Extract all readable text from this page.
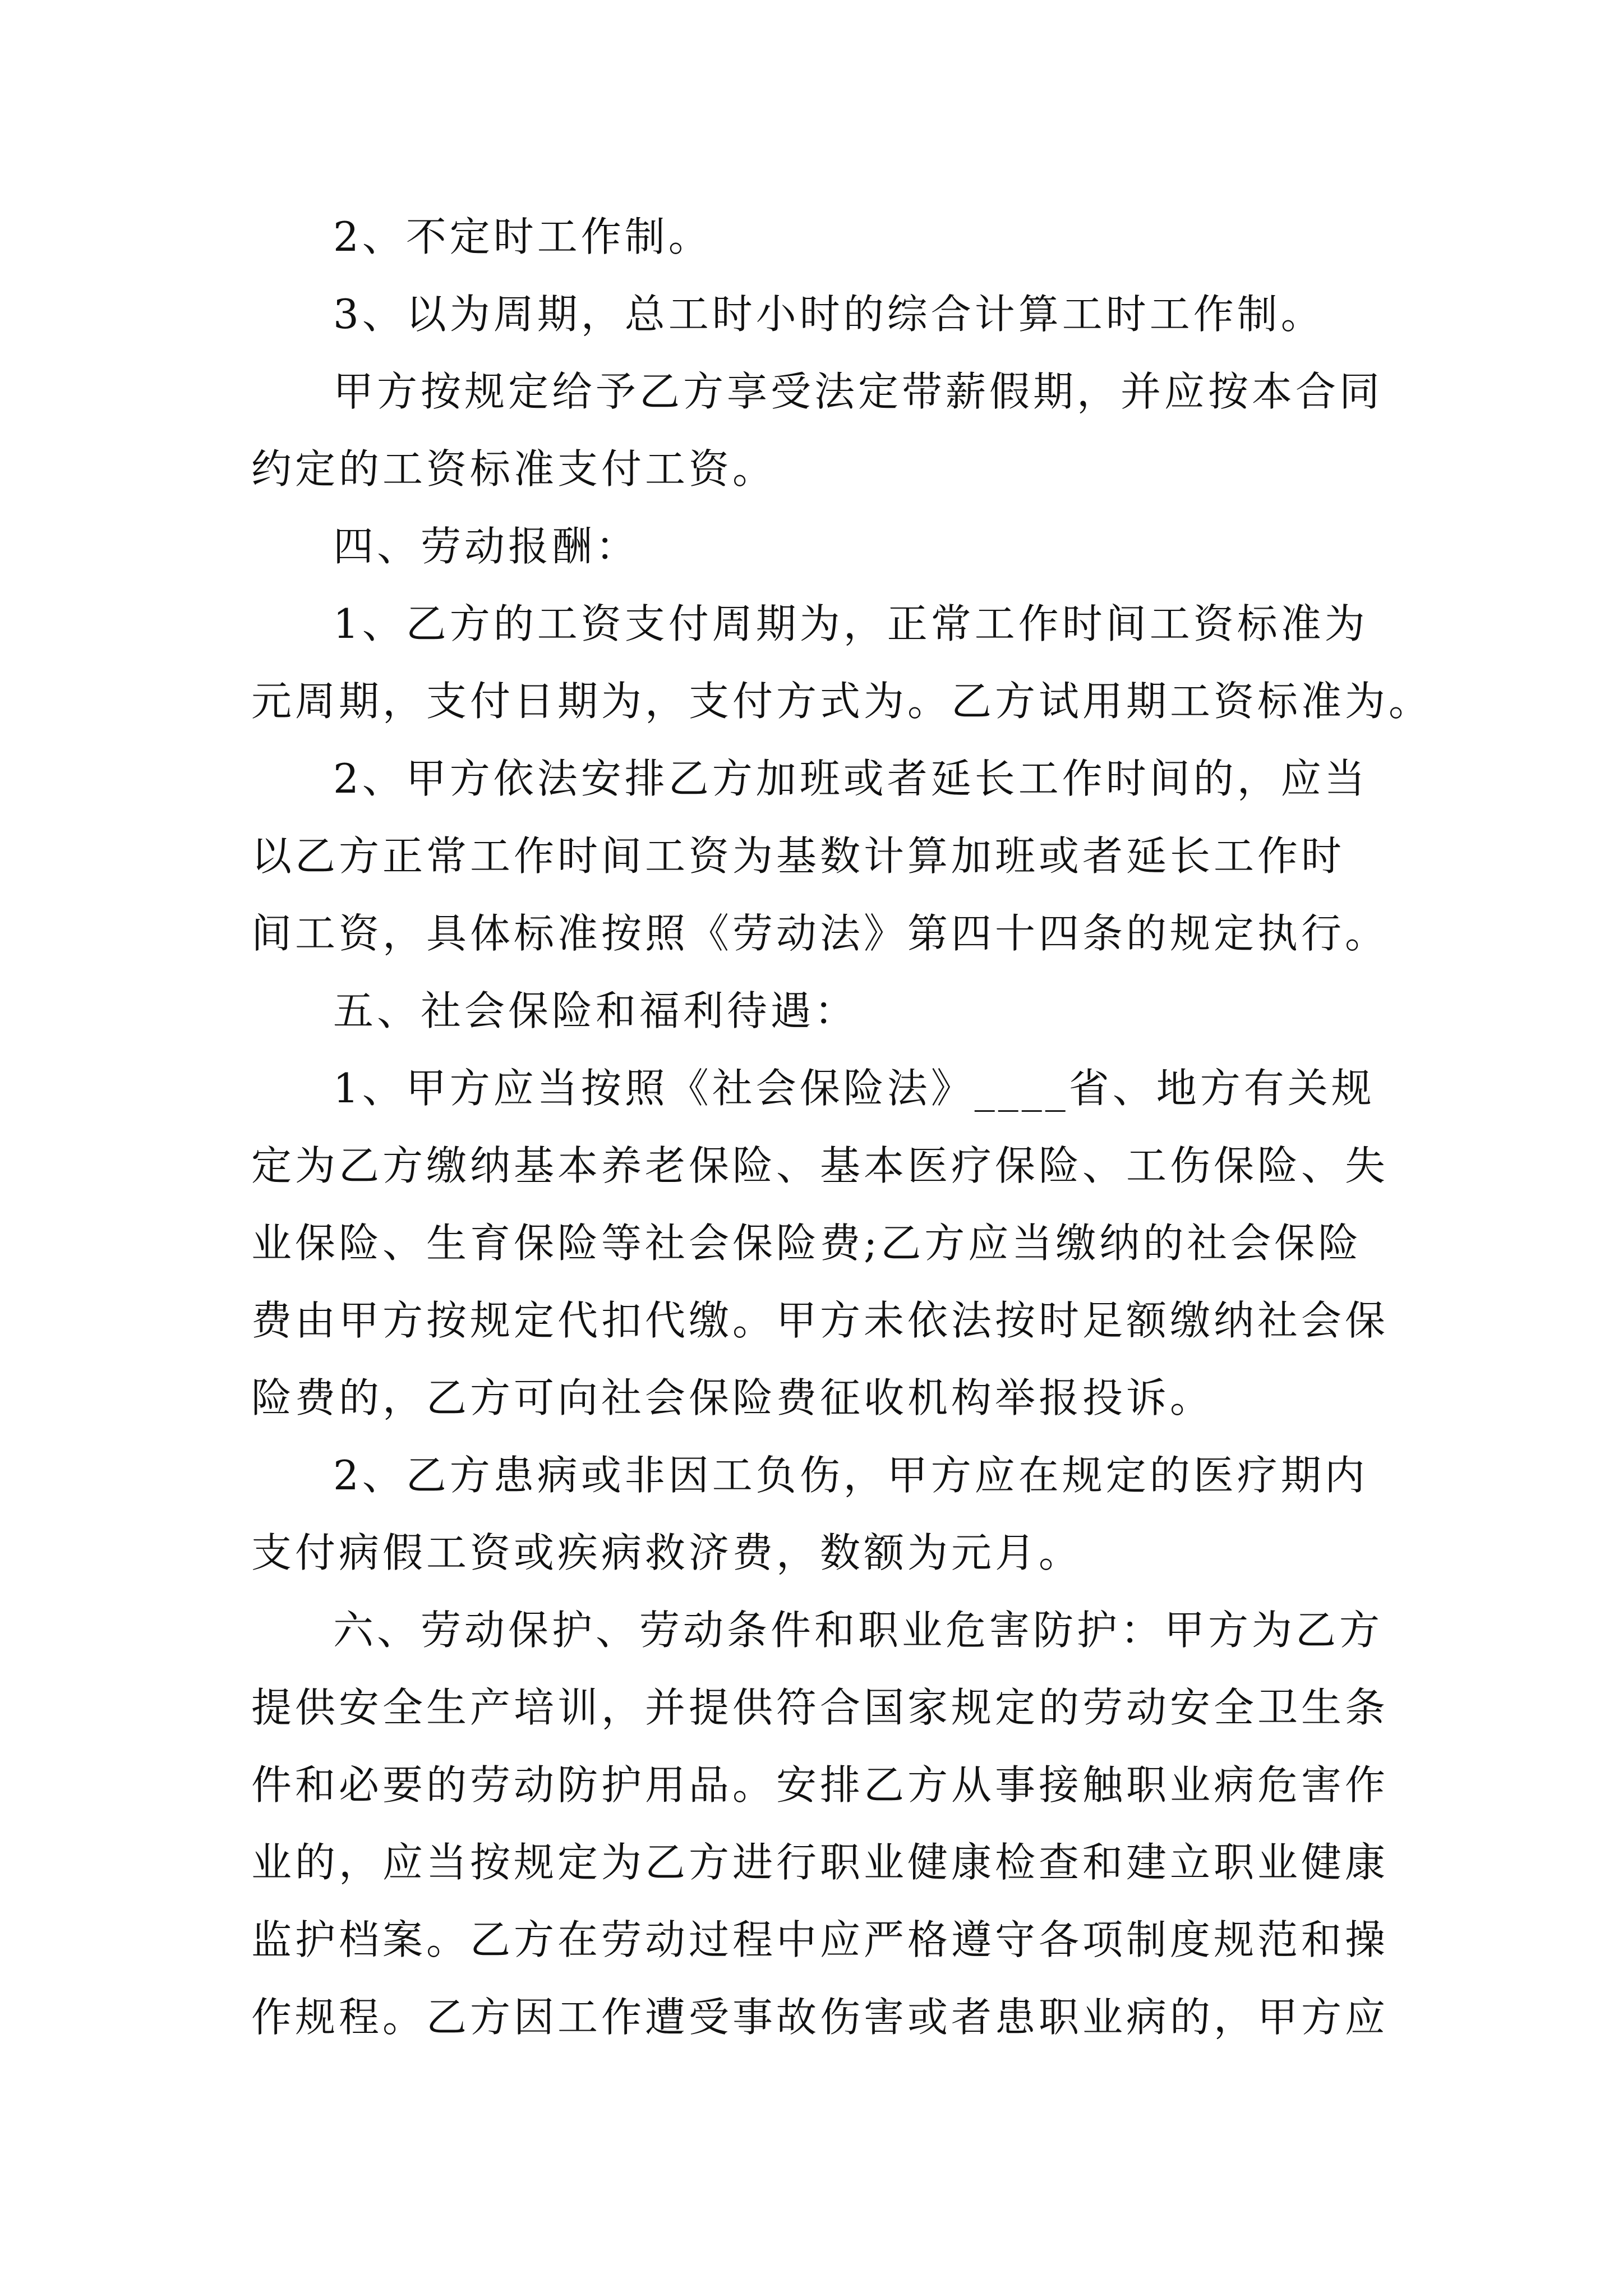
2、不定时工作制。
3、以为周期，总工时小时的综合计算工时工作制。
甲方按规定给予乙方享受法定带薪假期，并应按本合同
约定的工资标准支付工资。
四、劳动报酬：
1、乙方的工资支付周期为，正常工作时间工资标准为
元周期，支付日期为，支付方式为。乙方试用期工资标准为。
2、甲方依法安排乙方加班或者延长工作时间的，应当
以乙方正常工作时间工资为基数计算加班或者延长工作时
间工资，具体标准按照《劳动法》第四十四条的规定执行。
五、社会保险和福利待遇：
1、甲方应当按照《社会保险法》____省、地方有关规
定为乙方缴纳基本养老保险、基本医疗保险、工伤保险、失
业保险、生育保险等社会保险费;乙方应当缴纳的社会保险
费由甲方按规定代扣代缴。甲方未依法按时足额缴纳社会保
险费的，乙方可向社会保险费征收机构举报投诉。
2、乙方患病或非因工负伤，甲方应在规定的医疗期内
支付病假工资或疾病救济费，数额为元月。
六、劳动保护、劳动条件和职业危害防护：甲方为乙方
提供安全生产培训，并提供符合国家规定的劳动安全卫生条
件和必要的劳动防护用品。安排乙方从事接触职业病危害作
业的，应当按规定为乙方进行职业健康检查和建立职业健康
监护档案。乙方在劳动过程中应严格遵守各项制度规范和操
作规程。乙方因工作遭受事故伤害或者患职业病的，甲方应
